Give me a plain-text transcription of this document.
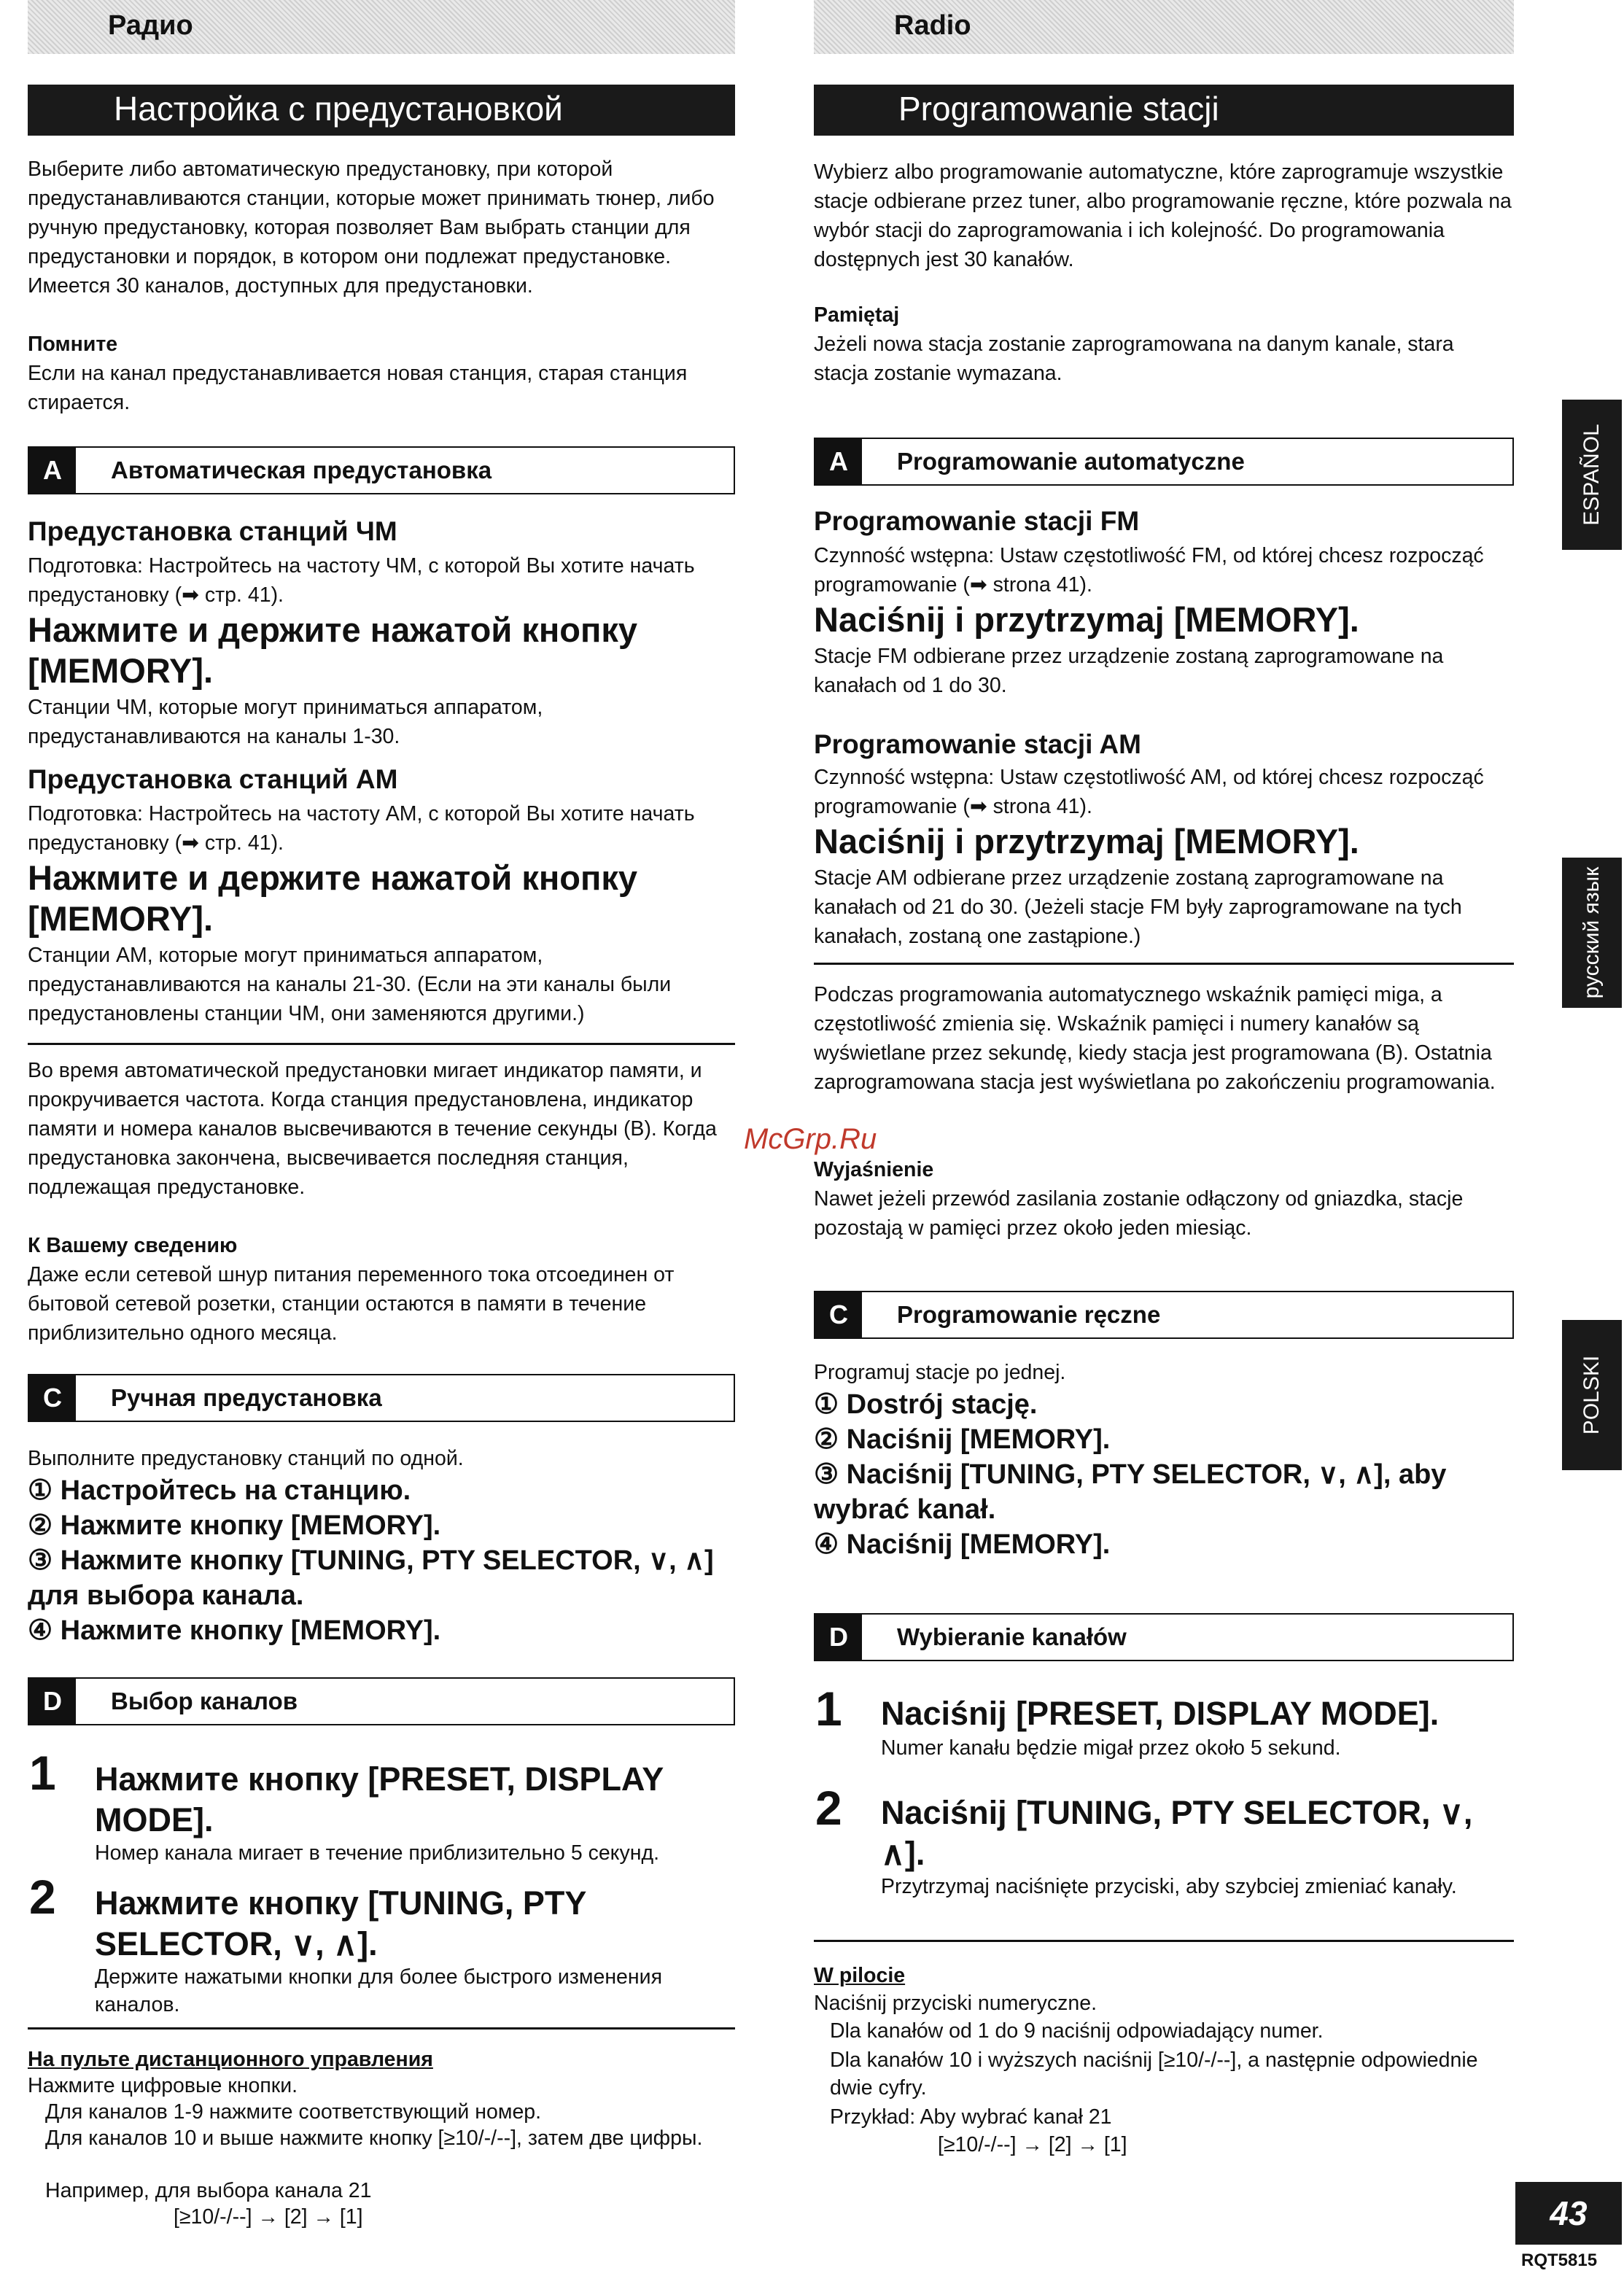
Радио
Настройка с предустановкой

Выберите либо автоматическую предустановку, при которой предустанавливаются станции, которые может принимать тюнер, либо ручную предустановку, которая позволяет Вам выбрать станции для предустановки и порядок, в котором они подлежат предустановке. Имеется 30 каналов, доступных для предустановки.

Помните

Если на канал предустанавливается новая станция, старая станция стирается.

A	Автоматическая предустановка
Предустановка станций ЧМ

Подготовка: Настройтесь на частоту ЧМ, с которой Вы хотите начать предустановку (➡ стр. 41).

Нажмите и держите нажатой кнопку [MEMORY].

Станции ЧМ, которые могут приниматься аппаратом, предустанавливаются на каналы 1-30.

Предустановка станций АМ

Подготовка: Настройтесь на частоту АМ, с которой Вы хотите начать предустановку (➡ стр. 41).

Нажмите и держите нажатой кнопку [MEMORY].

Станции АМ, которые могут приниматься аппаратом, предустанавливаются на каналы 21-30. (Если на эти каналы были предустановлены станции ЧМ, они заменяются другими.)

Во время автоматической предустановки мигает индикатор памяти, и прокручивается частота. Когда станция предустановлена, индикатор памяти и номера каналов высвечиваются в течение секунды (B). Когда предустановка закончена, высвечивается последняя станция, подлежащая предустановке.

К Вашему сведению

Даже если сетевой шнур питания переменного тока отсоединен от бытовой сетевой розетки, станции остаются в памяти в течение приблизительно одного месяца.

C	Ручная предустановка

Выполните предустановку станций по одной.

① Настройтесь на станцию.
② Нажмите кнопку [MEMORY].
③ Нажмите кнопку [TUNING, PTY SELECTOR, ∨, ∧] для выбора канала.
④ Нажмите кнопку [MEMORY].
D	Выбор каналов
1 Нажмите кнопку [PRESET, DISPLAY MODE].
Номер канала мигает в течение приблизительно 5 секунд.
2 Нажмите кнопку [TUNING, PTY SELECTOR, ∨, ∧].
Держите нажатыми кнопки для более быстрого изменения каналов.

На пульте дистанционного управления

Нажмите цифровые кнопки.

Для каналов 1-9 нажмите соответствующий номер.

Для каналов 10 и выше нажмите кнопку [≥10/-/--], затем две цифры.

Например, для выбора канала 21

[≥10/-/--] → [2] → [1]

Radio
Programowanie stacji

Wybierz albo programowanie automatyczne, które zaprogramuje wszystkie stacje odbierane przez tuner, albo programowanie ręczne, które pozwala na wybór stacji do zaprogramowania i ich kolejność. Do programowania dostępnych jest 30 kanałów.

Pamiętaj

Jeżeli nowa stacja zostanie zaprogramowana na danym kanale, stara stacja zostanie wymazana.

A	Programowanie automatyczne
Programowanie stacji FM

Czynność wstępna: Ustaw częstotliwość FM, od której chcesz rozpocząć programowanie (➡ strona 41).

Naciśnij i przytrzymaj [MEMORY].

Stacje FM odbierane przez urządzenie zostaną zaprogramowane na kanałach od 1 do 30.

Programowanie stacji AM

Czynność wstępna: Ustaw częstotliwość AM, od której chcesz rozpocząć programowanie (➡ strona 41).

Naciśnij i przytrzymaj [MEMORY].

Stacje AM odbierane przez urządzenie zostaną zaprogramowane na kanałach od 21 do 30. (Jeżeli stacje FM były zaprogramowane na tych kanałach, zostaną one zastąpione.)

Podczas programowania automatycznego wskaźnik pamięci miga, a częstotliwość zmienia się. Wskaźnik pamięci i numery kanałów są wyświetlane przez sekundę, kiedy stacja jest programowana (B). Ostatnia zaprogramowana stacja jest wyświetlana po zakończeniu programowania.

Wyjaśnienie

Nawet jeżeli przewód zasilania zostanie odłączony od gniazdka, stacje pozostają w pamięci przez około jeden miesiąc.

C	Programowanie ręczne

Programuj stacje po jednej.

① Dostrój stację.
② Naciśnij [MEMORY].
③ Naciśnij [TUNING, PTY SELECTOR, ∨, ∧], aby wybrać kanał.
④ Naciśnij [MEMORY].
D	Wybieranie kanałów
1 Naciśnij [PRESET, DISPLAY MODE].
Numer kanału będzie migał przez około 5 sekund.
2 Naciśnij [TUNING, PTY SELECTOR, ∨, ∧].
Przytrzymaj naciśnięte przyciski, aby szybciej zmieniać kanały.

W pilocie

Naciśnij przyciski numeryczne.

Dla kanałów od 1 do 9 naciśnij odpowiadający numer.

Dla kanałów 10 i wyższych naciśnij [≥10/-/--], a następnie odpowiednie dwie cyfry.

Przykład: Aby wybrać kanał 21

[≥10/-/--] → [2] → [1]

ESPAÑOL
русский язык
POLSKI
McGrp.Ru
43
RQT5815
